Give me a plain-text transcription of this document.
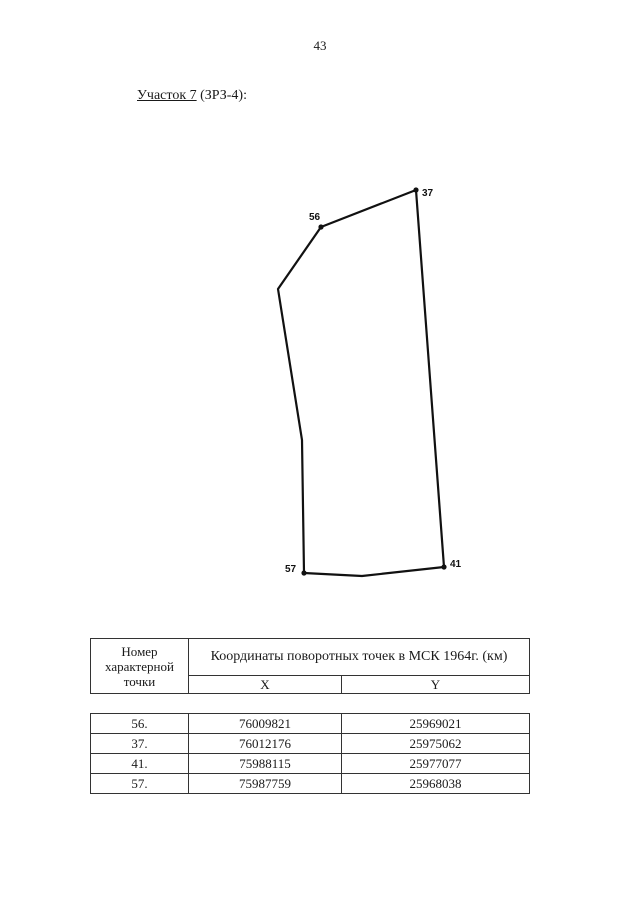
43
Участок 7 (ЗРЗ-4):
37
56
57	41
Номер характерной точки	Координаты поворотных точек в МСК 1964г. (км)	
	X	Y
56.	76009821	25969021
37.	76012176	25975062
41.	75988115	25977077
57.	75987759	25968038
